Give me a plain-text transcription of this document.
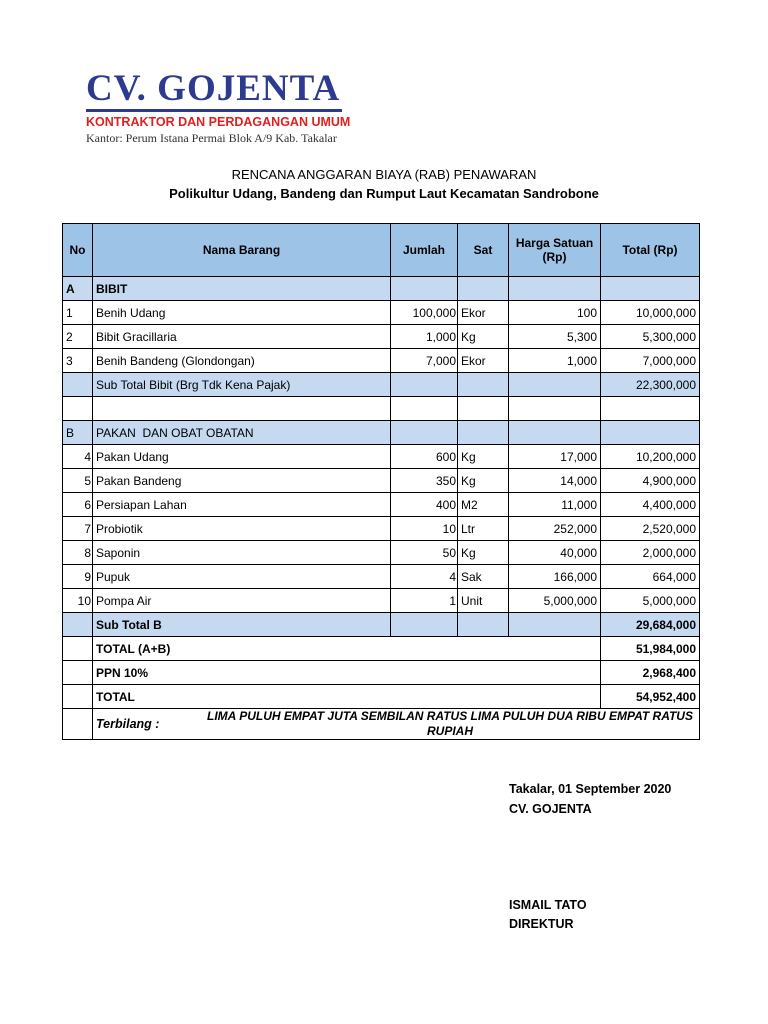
CV. GOJENTA
KONTRAKTOR DAN PERDAGANGAN UMUM
Kantor: Perum Istana Permai Blok A/9 Kab. Takalar
RENCANA ANGGARAN BIAYA (RAB) PENAWARAN
Polikultur Udang, Bandeng dan Rumput Laut Kecamatan Sandrobone
No	Nama Barang	Jumlah	Sat	Harga Satuan (Rp)	Total (Rp)
A	BIBIT				
1	Benih Udang	100,000	Ekor	100	10,000,000
2	Bibit Gracillaria	1,000	Kg	5,300	5,300,000
3	Benih Bandeng (Glondongan)	7,000	Ekor	1,000	7,000,000
	Sub Total Bibit (Brg Tdk Kena Pajak)				22,300,000

B	PAKAN  DAN OBAT OBATAN				
4	Pakan Udang	600	Kg	17,000	10,200,000
5	Pakan Bandeng	350	Kg	14,000	4,900,000
6	Persiapan Lahan	400	M2	11,000	4,400,000
7	Probiotik	10	Ltr	252,000	2,520,000
8	Saponin	50	Kg	40,000	2,000,000
9	Pupuk	4	Sak	166,000	664,000
10	Pompa Air	1	Unit	5,000,000	5,000,000
	Sub Total B				29,684,000
	TOTAL (A+B)				51,984,000
	PPN 10%				2,968,400
	TOTAL				54,952,400

	Terbilang :
LIMA PULUH EMPAT JUTA SEMBILAN RATUS LIMA PULUH DUA RIBU EMPAT RATUS RUPIAH				
Takalar, 01 September 2020
CV. GOJENTA
ISMAIL TATO
DIREKTUR
